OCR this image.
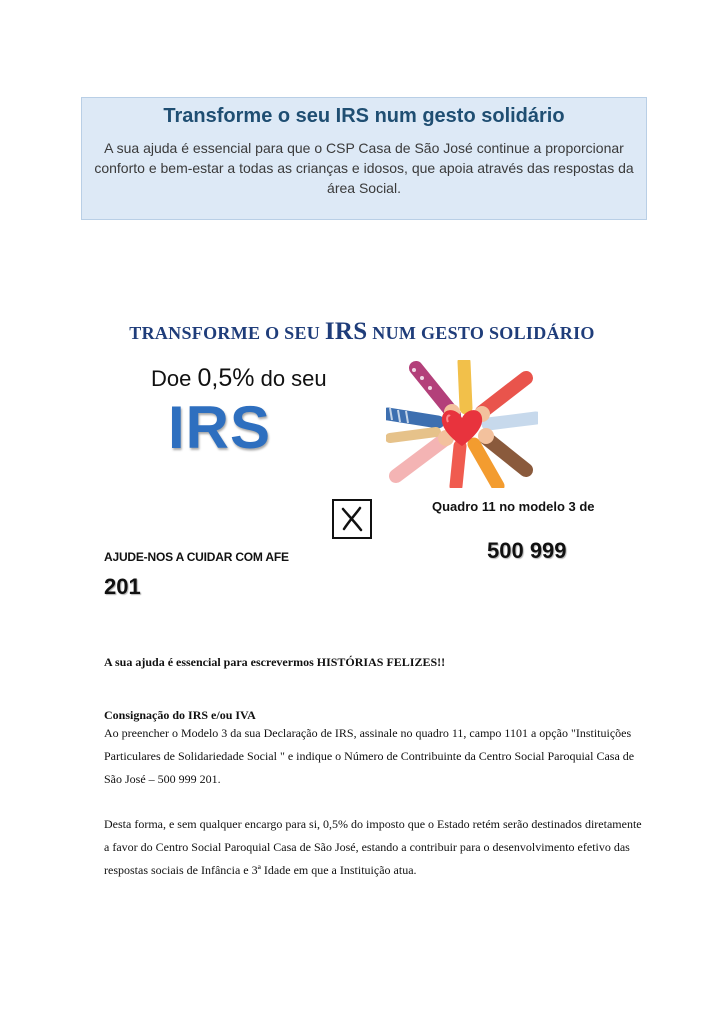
Transforme o seu IRS num gesto solidário

A sua ajuda é essencial para que o CSP Casa de São José continue a proporcionar conforto e bem-estar a todas as crianças e idosos, que apoia através das respostas da área Social.

TRANSFORME O SEU IRS NUM GESTO SOLIDÁRIO
Doe 0,5% do seu
IRS
Quadro 11 no modelo 3 de
AJUDE-NOS A CUIDAR COM AFE	500 999
201
A sua ajuda é essencial para escrevermos HISTÓRIAS FELIZES!!
Consignação do IRS e/ou IVA

Ao preencher o Modelo 3 da sua Declaração de IRS, assinale no quadro 11, campo 1101 a opção "Instituições Particulares de Solidariedade Social " e indique o Número de Contribuinte da Centro Social Paroquial Casa de São José – 500 999 201.

Desta forma, e sem qualquer encargo para si, 0,5% do imposto que o Estado retém serão destinados diretamente a favor do Centro Social Paroquial Casa de São José, estando a contribuir para o desenvolvimento efetivo das respostas sociais de Infância e 3ª Idade em que a Instituição atua.
